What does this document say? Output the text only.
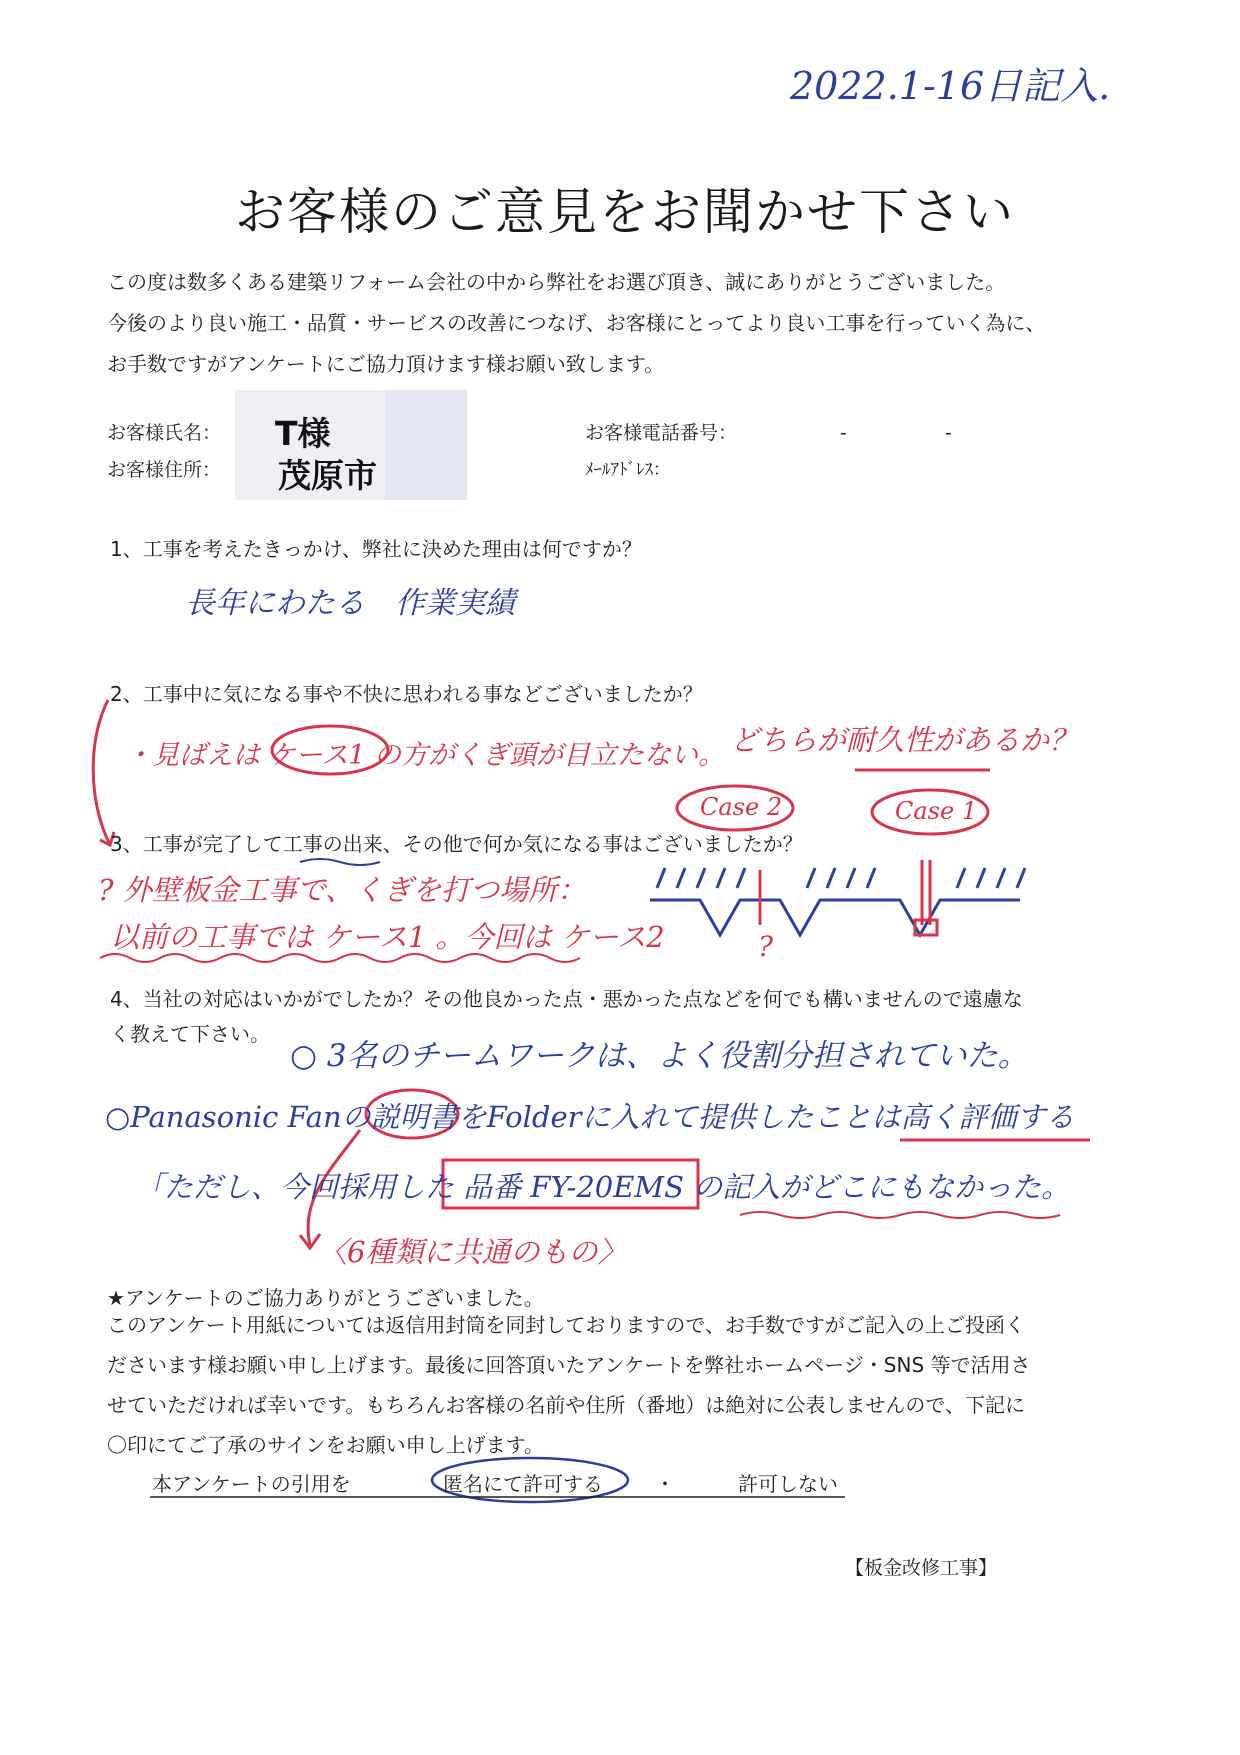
2022.1-16日記入.
お客様のご意見をお聞かせ下さい
この度は数多くある建築リフォーム会社の中から弊社をお選び頂き、誠にありがとうございました。
今後のより良い施工・品質・サービスの改善につなげ、お客様にとってより良い工事を行っていく為に、
お手数ですがアンケートにご協力頂けます様お願い致します。
お客様氏名： T様
お客様住所： 茂原市
お客様電話番号：	-　　-
ﾒｰﾙｱﾄﾞﾚｽ：
1、工事を考えたきっかけ、弊社に決めた理由は何ですか？
長年にわたる　作業実績
2、工事中に気になる事や不快に思われる事などございましたか？
・見ばえは ケース1 の方がくぎ頭が目立たない。 どちらが耐久性があるか？
Case 2	Case 1
3、工事が完了して工事の出来、その他で何か気になる事はございましたか？
? 外壁板金工事で、くぎを打つ場所：
以前の工事では ケース1 。今回は ケース2	?
4、当社の対応はいかがでしたか？その他良かった点・悪かった点などを何でも構いませんので遠慮な
く教えて下さい。
○ 3名のチームワークは、よく役割分担されていた。
○Panasonic Fanの説明書をFolderに入れて提供したことは高く評価する
「ただし、今回採用した 品番 FY-20EMS の記入がどこにもなかった。
〈6種類に共通のもの〉
★アンケートのご協力ありがとうございました。
このアンケート用紙については返信用封筒を同封しておりますので、お手数ですがご記入の上ご投函く
ださいます様お願い申し上げます。最後に回答頂いたアンケートを弊社ホームページ・SNS 等で活用さ
せていただければ幸いです。もちろんお客様の名前や住所（番地）は絶対に公表しませんので、下記に
〇印にてご了承のサインをお願い申し上げます。
本アンケートの引用を	匿名にて許可する	・	許可しない
【板金改修工事】
